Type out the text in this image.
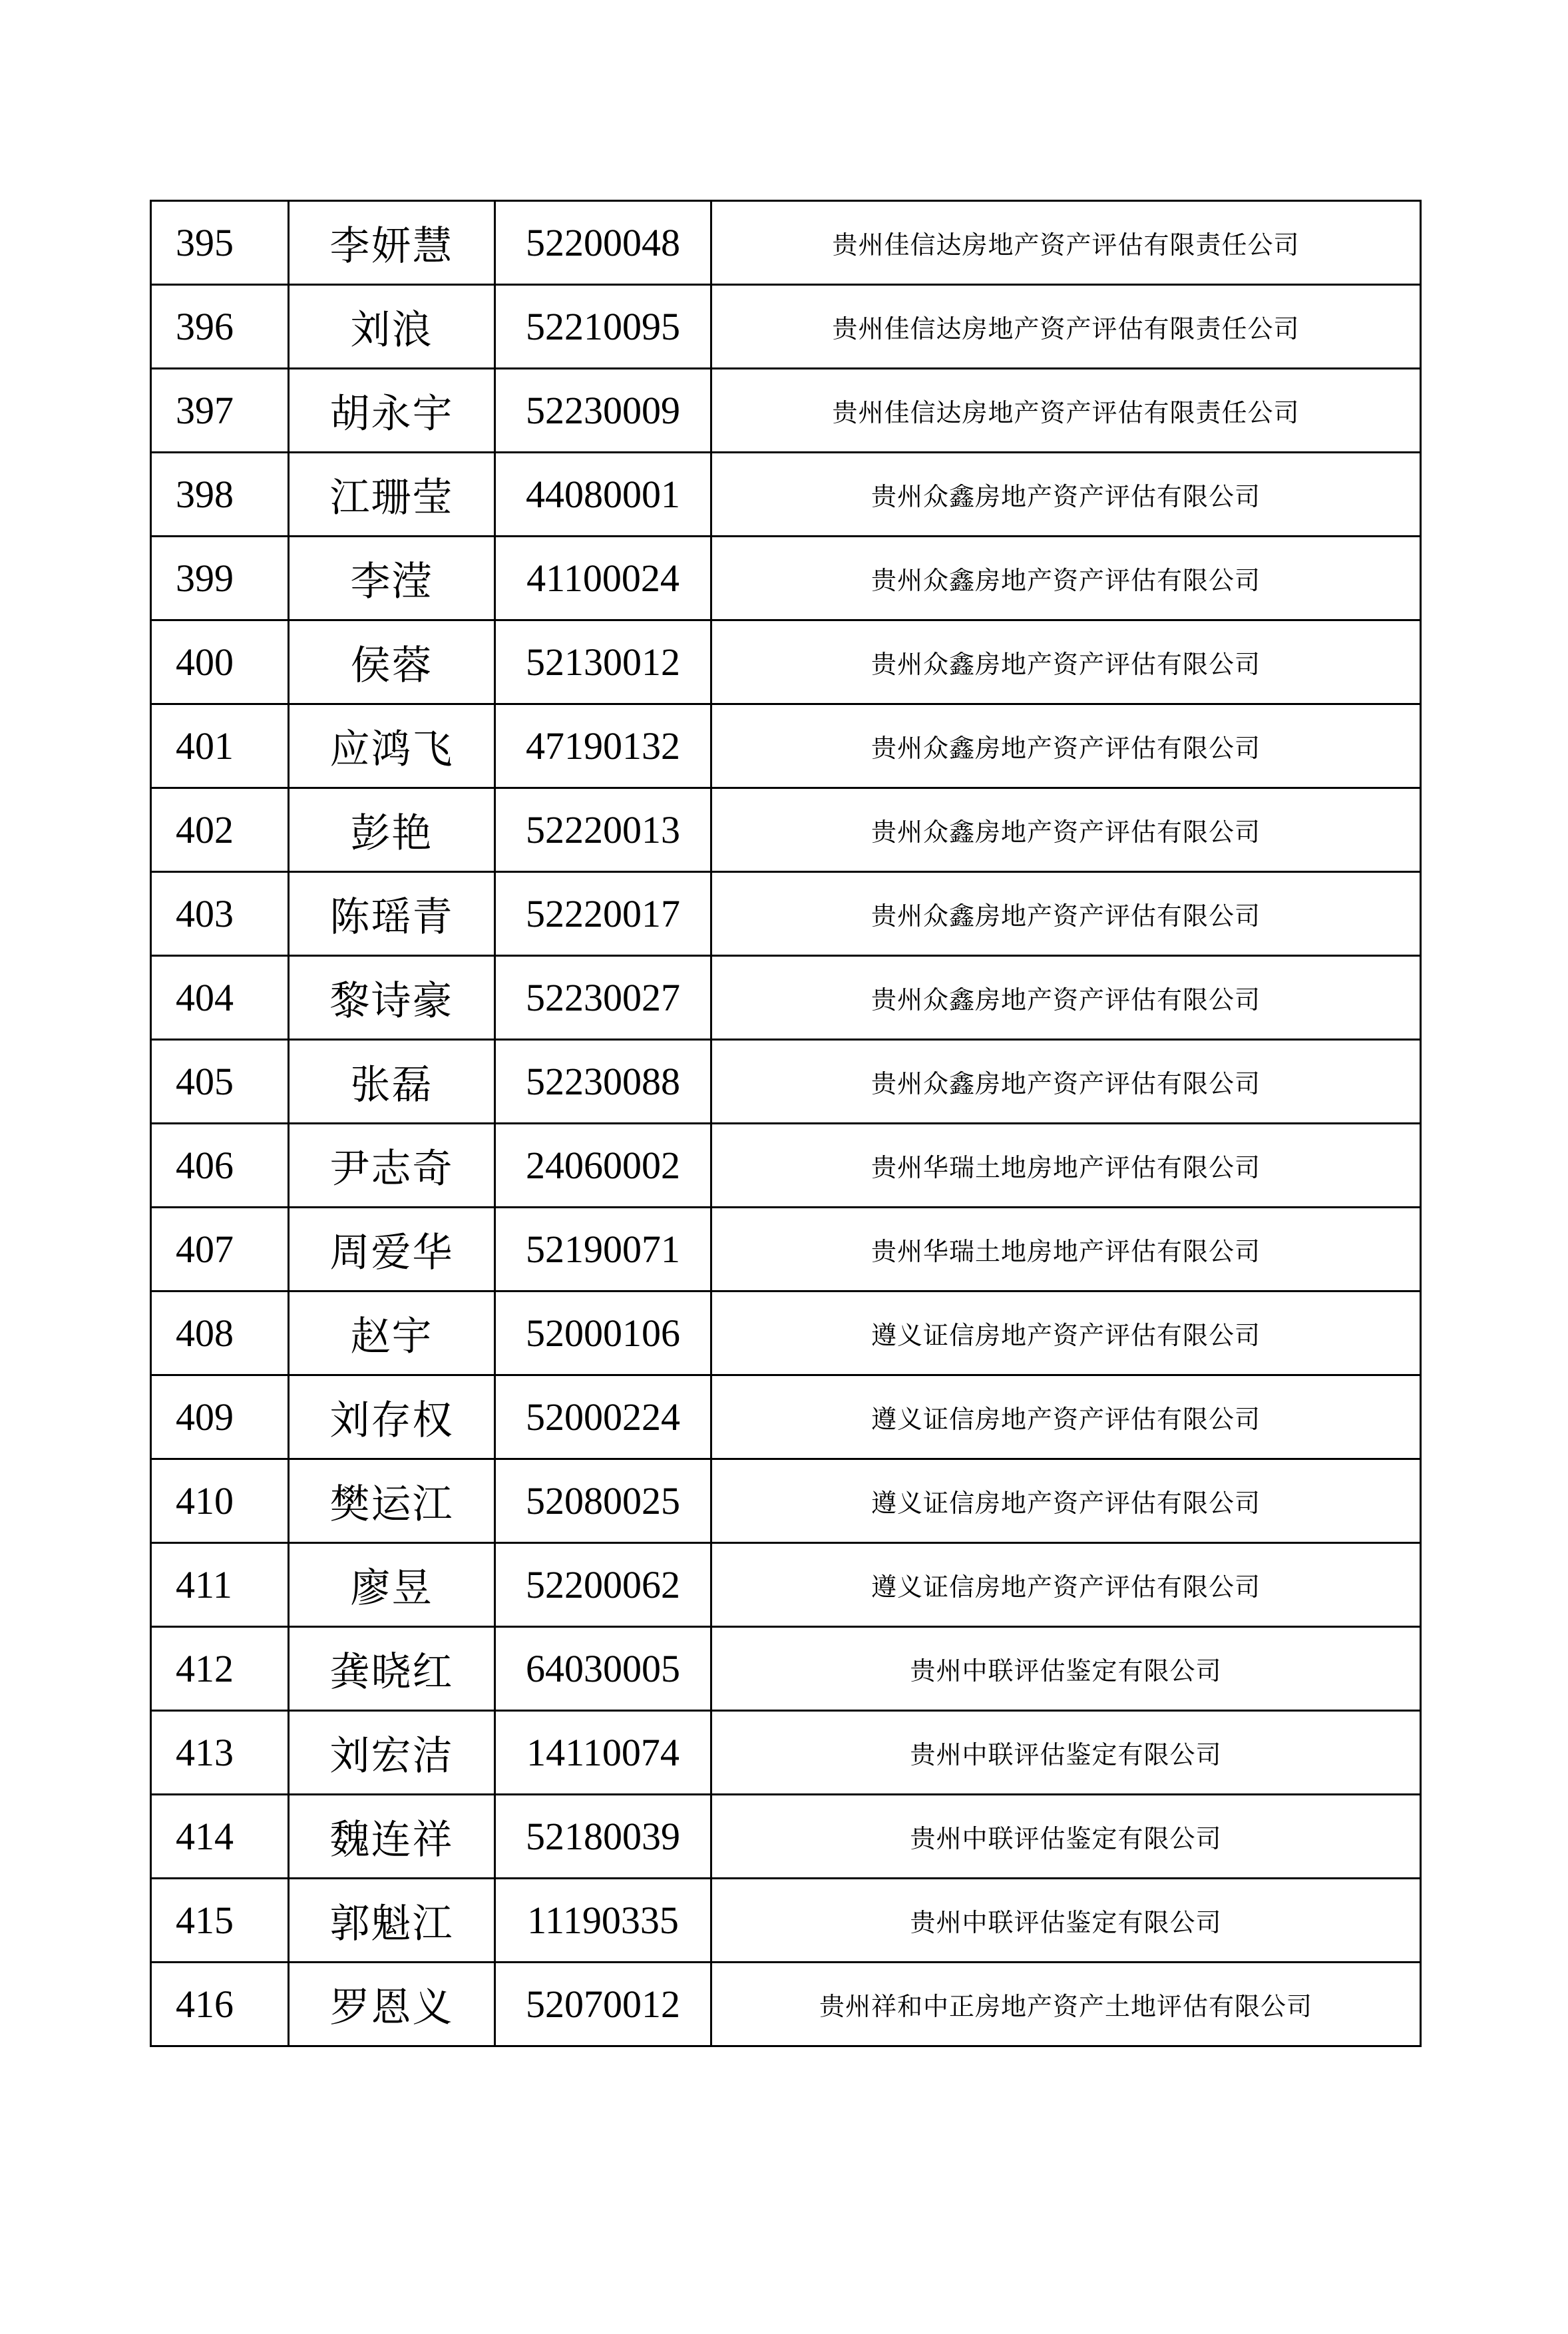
395	李妍慧	52200048	贵州佳信达房地产资产评估有限责任公司
396	刘浪	52210095	贵州佳信达房地产资产评估有限责任公司
397	胡永宇	52230009	贵州佳信达房地产资产评估有限责任公司
398	江珊莹	44080001	贵州众鑫房地产资产评估有限公司
399	李滢	41100024	贵州众鑫房地产资产评估有限公司
400	侯蓉	52130012	贵州众鑫房地产资产评估有限公司
401	应鸿飞	47190132	贵州众鑫房地产资产评估有限公司
402	彭艳	52220013	贵州众鑫房地产资产评估有限公司
403	陈瑶青	52220017	贵州众鑫房地产资产评估有限公司
404	黎诗豪	52230027	贵州众鑫房地产资产评估有限公司
405	张磊	52230088	贵州众鑫房地产资产评估有限公司
406	尹志奇	24060002	贵州华瑞土地房地产评估有限公司
407	周爱华	52190071	贵州华瑞土地房地产评估有限公司
408	赵宇	52000106	遵义证信房地产资产评估有限公司
409	刘存权	52000224	遵义证信房地产资产评估有限公司
410	樊运江	52080025	遵义证信房地产资产评估有限公司
411	廖昱	52200062	遵义证信房地产资产评估有限公司
412	龚晓红	64030005	贵州中联评估鉴定有限公司
413	刘宏洁	14110074	贵州中联评估鉴定有限公司
414	魏连祥	52180039	贵州中联评估鉴定有限公司
415	郭魁江	11190335	贵州中联评估鉴定有限公司
416	罗恩义	52070012	贵州祥和中正房地产资产土地评估有限公司
